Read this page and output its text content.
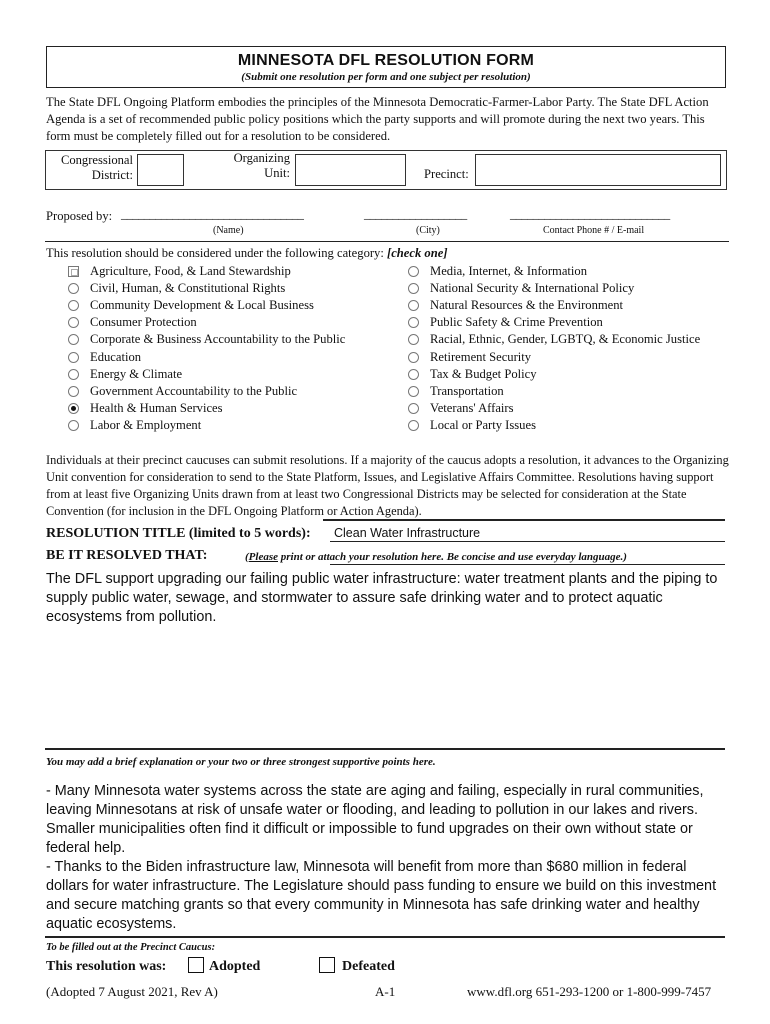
MINNESOTA DFL RESOLUTION FORM
(Submit one resolution per form and one subject per resolution)
The State DFL Ongoing Platform embodies the principles of the Minnesota Democratic-Farmer-Labor Party. The State DFL Action Agenda is a set of recommended public policy positions which the party supports and will promote during the next two years. This form must be completely filled out for a resolution to be considered.
Congressional
District:
Organizing
Unit:	Precinct:
Proposed by: ________________________________	__________________	____________________________
(Name)	(City)	Contact Phone # / E-mail
This resolution should be considered under the following category: [check one]
Agriculture, Food, & Land Stewardship
Civil, Human, & Constitutional Rights
Community Development & Local Business
Consumer Protection
Corporate & Business Accountability to the Public
Education
Energy & Climate
Government Accountability to the Public
Health & Human Services
Labor & Employment
Media, Internet, & Information
National Security & International Policy
Natural Resources & the Environment
Public Safety & Crime Prevention
Racial, Ethnic, Gender, LGBTQ, & Economic Justice
Retirement Security
Tax & Budget Policy
Transportation
Veterans' Affairs
Local or Party Issues
Individuals at their precinct caucuses can submit resolutions. If a majority of the caucus adopts a resolution, it advances to the Organizing Unit convention for consideration to send to the State Platform, Issues, and Legislative Affairs Committee. Resolutions having support from at least five Organizing Units drawn from at least two Congressional Districts may be selected for consideration at the State Convention (for inclusion in the DFL Ongoing Platform or Action Agenda).
RESOLUTION TITLE (limited to 5 words): Clean Water Infrastructure
BE IT RESOLVED THAT:	(Please print or attach your resolution here. Be concise and use everyday language.)
The DFL support upgrading our failing public water infrastructure: water treatment plants and the piping to supply public water, sewage, and stormwater to assure safe drinking water and to protect aquatic ecosystems from pollution.
You may add a brief explanation or your two or three strongest supportive points here.
- Many Minnesota water systems across the state are aging and failing, especially in rural communities, leaving Minnesotans at risk of unsafe water or flooding, and leading to pollution in our lakes and rivers. Smaller municipalities often find it difficult or impossible to fund upgrades on their own without state or federal help.
- Thanks to the Biden infrastructure law, Minnesota will benefit from more than $680 million in federal dollars for water infrastructure. The Legislature should pass funding to ensure we build on this investment and secure matching grants so that every community in Minnesota has safe drinking water and healthy aquatic ecosystems.
To be filled out at the Precinct Caucus:
This resolution was:	Adopted	Defeated
(Adopted 7 August 2021, Rev A)	A-1	www.dfl.org 651-293-1200 or 1-800-999-7457
